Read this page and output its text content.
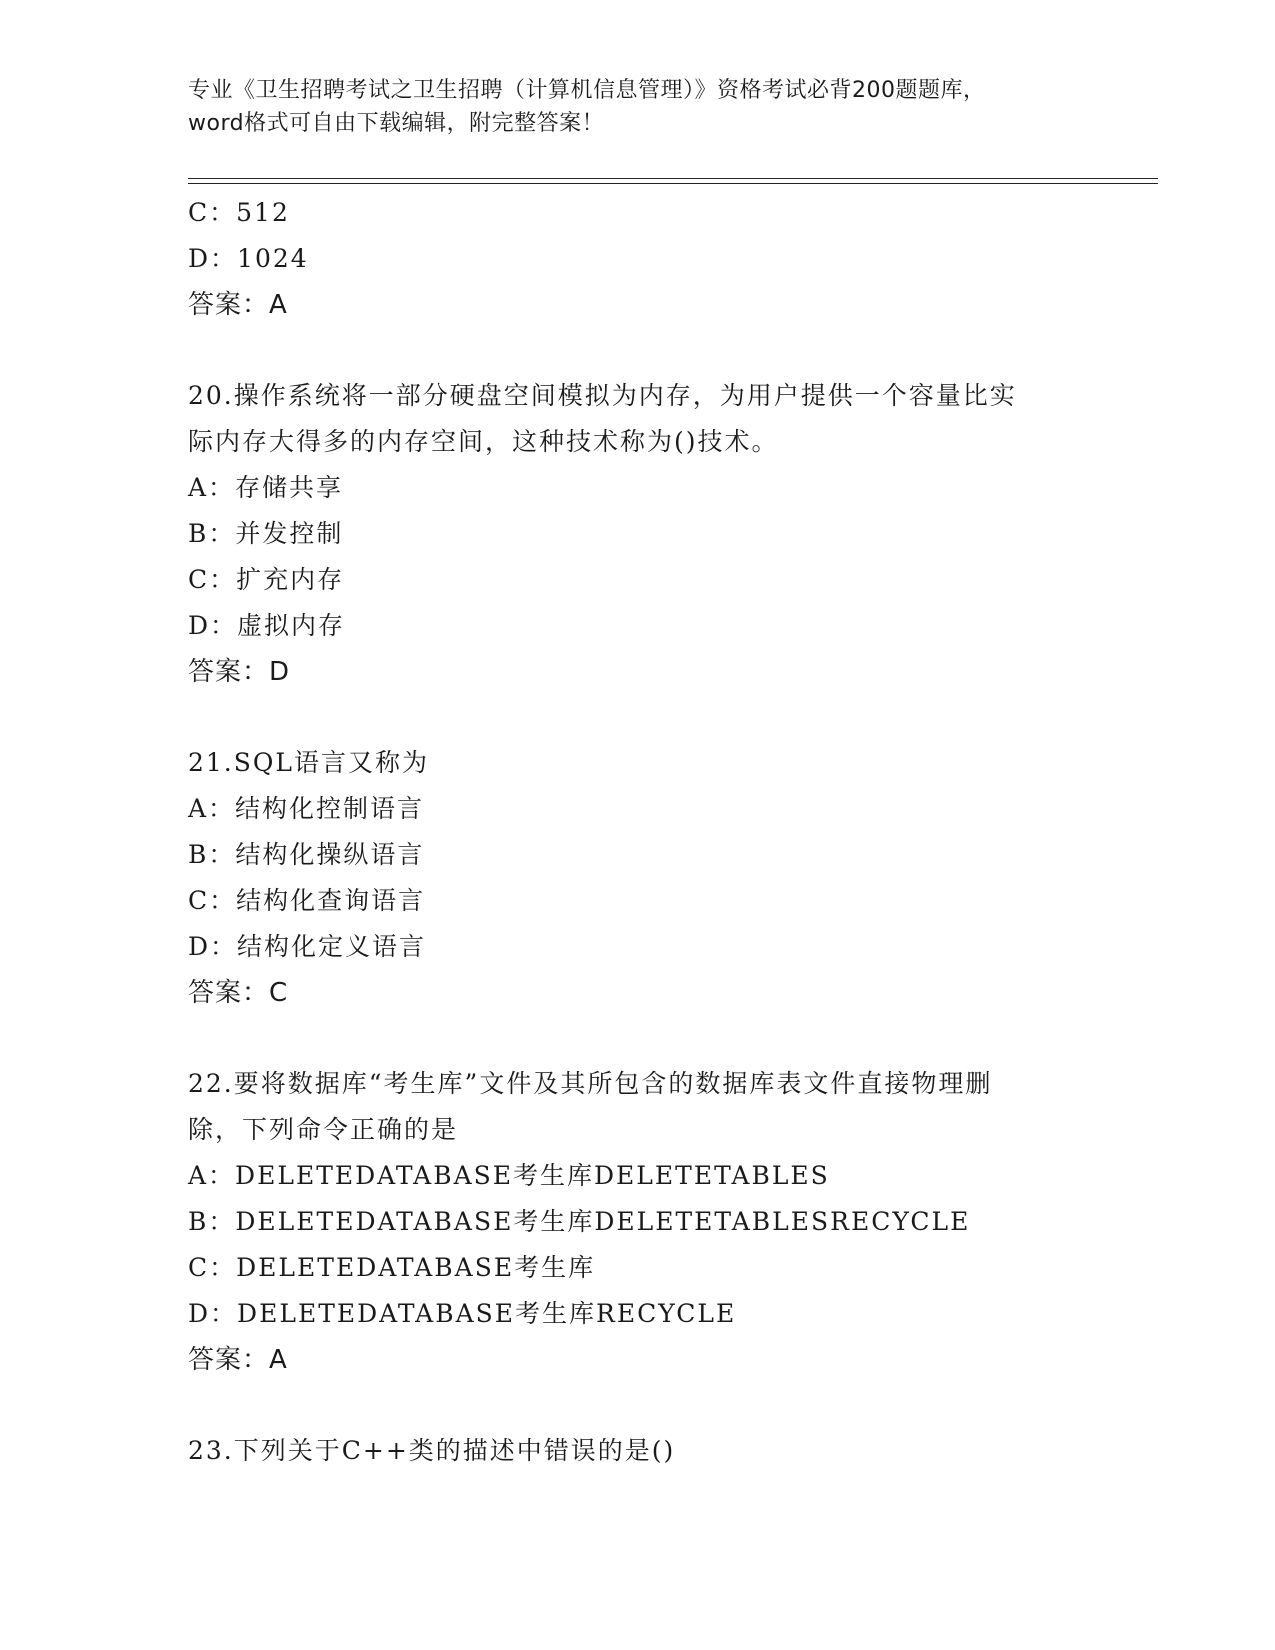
专业《卫生招聘考试之卫生招聘（计算机信息管理）》资格考试必背200题题库，
word格式可自由下载编辑，附完整答案！
C：512
D：1024
答案：A
20.操作系统将一部分硬盘空间模拟为内存，为用户提供一个容量比实
际内存大得多的内存空间，这种技术称为()技术。
A：存储共享
B：并发控制
C：扩充内存
D：虚拟内存
答案：D
21.SQL语言又称为
A：结构化控制语言
B：结构化操纵语言
C：结构化查询语言
D：结构化定义语言
答案：C
22.要将数据库“考生库”文件及其所包含的数据库表文件直接物理删
除，下列命令正确的是
A：DELETEDATABASE考生库DELETETABLES
B：DELETEDATABASE考生库DELETETABLESRECYCLE
C：DELETEDATABASE考生库
D：DELETEDATABASE考生库RECYCLE
答案：A
23.下列关于C++类的描述中错误的是()
